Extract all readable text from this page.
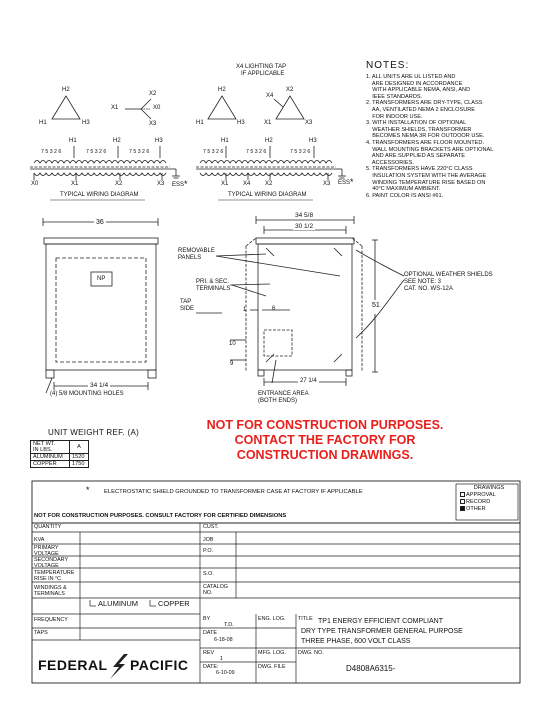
H2
H1	H3
X2
X1	X0
X3
H1	H2	H3
7 5 3 2 6	7 5 3 2 6	7 5 3 2 6
X0	X1	X2	X3 ESS*
TYPICAL WIRING DIAGRAM
X4 LIGHTING TAP
IF APPLICABLE
H2
H1	H3
X2
X4
X1	X3
H1	H2	H3
7 5 3 2 6	7 5 3 2 6	7 5 3 2 6
X1 X4 X2	X3 ESS*
TYPICAL WIRING DIAGRAM
NOTES:
1. ALL UNITS ARE UL LISTED AND
ARE DESIGNED IN ACCORDANCE
WITH APPLICABLE NEMA, ANSI, AND
IEEE STANDARDS.
2. TRANSFORMERS ARE DRY-TYPE, CLASS
AA, VENTILATED NEMA 2 ENCLOSURE
FOR INDOOR USE.
3. WITH INSTALLATION OF OPTIONAL
WEATHER SHIELDS, TRANSFORMER
BECOMES NEMA 3R FOR OUTDOOR USE.
4. TRANSFORMERS ARE FLOOR MOUNTED.
WALL MOUNTING BRACKETS ARE OPTIONAL
AND ARE SUPPLIED AS SEPARATE
ACCESSORIES.
5. TRANSFORMERS HAVE 220°C CLASS
INSULATION SYSTEM WITH THE AVERAGE
WINDING TEMPERATURE RISE BASED ON
40°C MAXIMUM AMBIENT.
6. PAINT COLOR IS ANSI #61.
36
NP
34 1/4
(4) 5/8 MOUNTING HOLES
34 5/8
30 1/2
51
REMOVABLE
PANELS
PRI. & SEC.
TERMINALS
TAP
SIDE
OPTIONAL WEATHER SHIELDS
SEE NOTE: 3
CAT. NO. WS-12A
1	6
10
9
27 1/4
ENTRANCE AREA
(BOTH ENDS)
UNIT WEIGHT REF. (A)
NET WT.
IN LBS.	A
ALUMINUM	1520
COPPER	1750
NOT FOR CONSTRUCTION PURPOSES.
CONTACT THE FACTORY FOR
CONSTRUCTION DRAWINGS.
* ELECTROSTATIC SHIELD GROUNDED TO TRANSFORMER CASE AT FACTORY IF APPLICABLE
DRAWINGS
APPROVAL
RECORD
OTHER
NOT FOR CONSTRUCTION PURPOSES. CONSULT FACTORY FOR CERTIFIED DIMENSIONS
QUANTITY
KVA
PRIMARY
VOLTAGE
SECONDARY
VOLTAGE
TEMPERATURE
RISE IN °C
WINDINGS &
TERMINALS
FREQUENCY
TAPS
ALUMINUM	COPPER
CUST.
JOB
P.O.
S.O.
CATALOG
NO.
BY
T.D.
DATE
6-18-08
REV
1
DATE:
6-10-09
ENG. LOG.
MFG. LOG.
DWG. FILE
TITLE TP1 ENERGY EFFICIENT COMPLIANT
DRY TYPE TRANSFORMER GENERAL PURPOSE
THREE PHASE, 600 VOLT CLASS
DWG. NO.
D4808A6315-
FEDERAL PACIFIC
